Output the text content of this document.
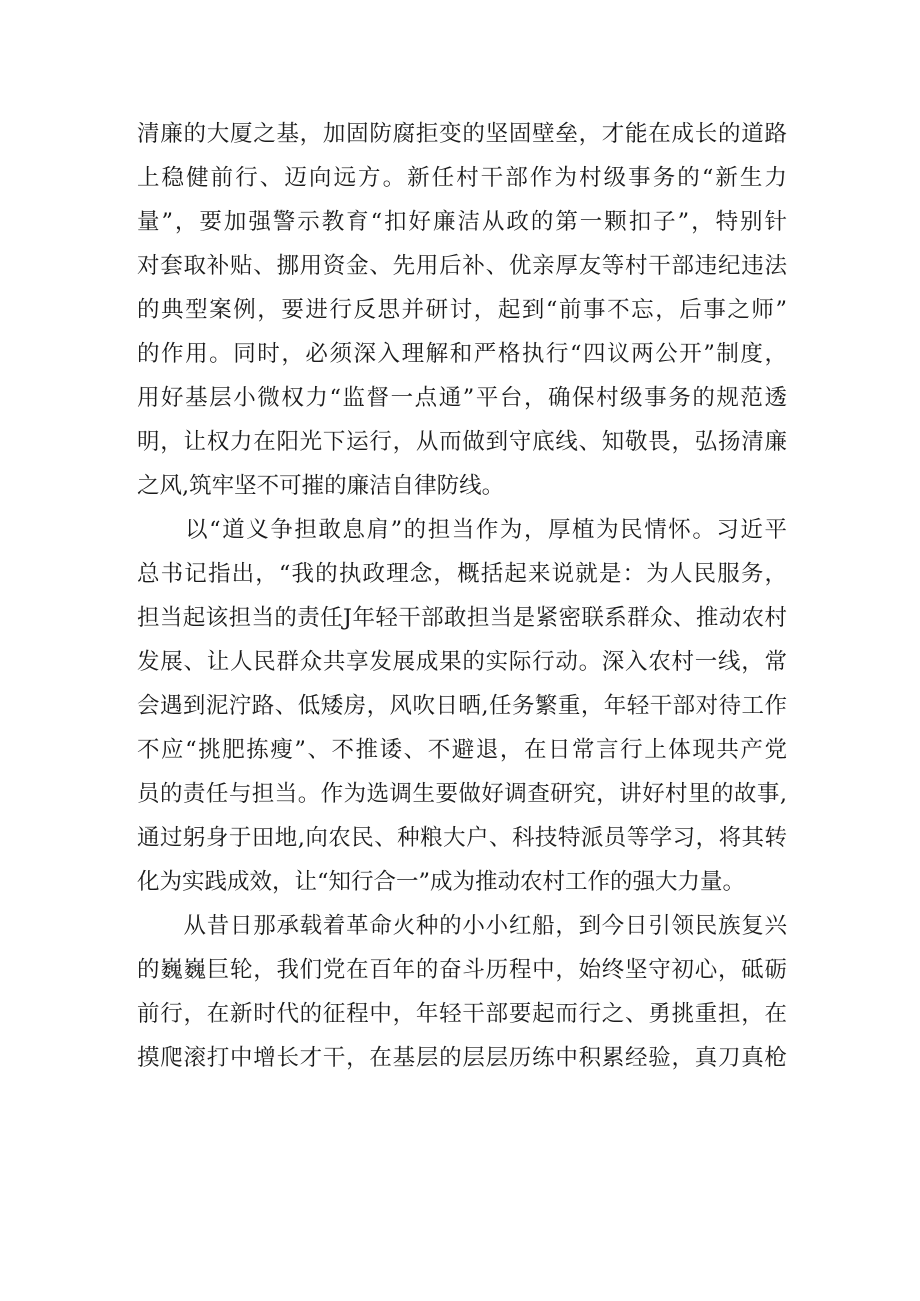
清廉的大厦之基，加固防腐拒变的坚固壁垒，才能在成长的道路
上稳健前行、迈向远方。新任村干部作为村级事务的“新生力
量”，要加强警示教育“扣好廉洁从政的第一颗扣子”，特别针
对套取补贴、挪用资金、先用后补、优亲厚友等村干部违纪违法
的典型案例，要进行反思并研讨，起到“前事不忘，后事之师”
的作用。同时，必须深入理解和严格执行“四议两公开”制度，
用好基层小微权力“监督一点通”平台，确保村级事务的规范透
明，让权力在阳光下运行，从而做到守底线、知敬畏，弘扬清廉
之风,筑牢坚不可摧的廉洁自律防线。
　　以“道义争担敢息肩”的担当作为，厚植为民情怀。习近平
总书记指出，“我的执政理念，概括起来说就是：为人民服务，
担当起该担当的责任J年轻干部敢担当是紧密联系群众、推动农村
发展、让人民群众共享发展成果的实际行动。深入农村一线，常
会遇到泥泞路、低矮房，风吹日晒,任务繁重，年轻干部对待工作
不应“挑肥拣瘦”、不推诿、不避退，在日常言行上体现共产党
员的责任与担当。作为选调生要做好调查研究，讲好村里的故事,
通过躬身于田地,向农民、种粮大户、科技特派员等学习，将其转
化为实践成效，让“知行合一”成为推动农村工作的强大力量。
　　从昔日那承载着革命火种的小小红船，到今日引领民族复兴
的巍巍巨轮，我们党在百年的奋斗历程中，始终坚守初心，砥砺
前行，在新时代的征程中，年轻干部要起而行之、勇挑重担，在
摸爬滚打中增长才干，在基层的层层历练中积累经验，真刀真枪
